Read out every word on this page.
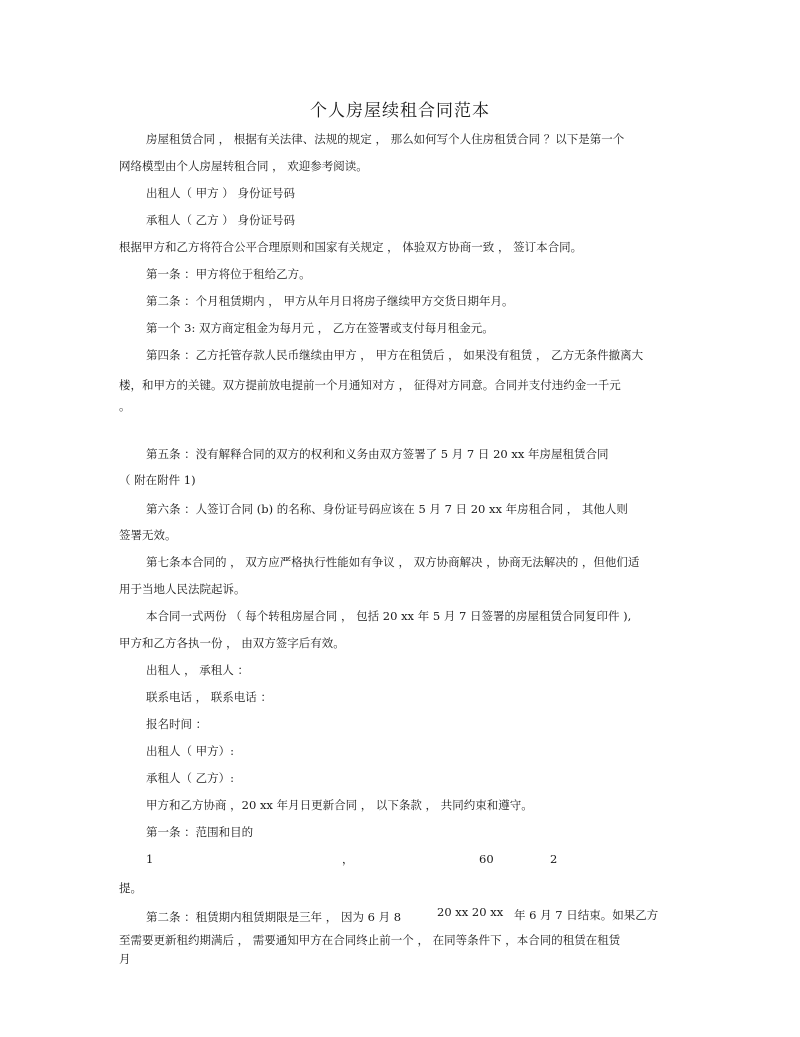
个人房屋续租合同范本
房屋租赁合同 ， 根据有关法律、法规的规定 ， 那么如何写个人住房租赁合同 ？以下是第一个
网络模型由个人房屋转租合同 ， 欢迎参考阅读。
出租人（ 甲方 ） 身份证号码
承租人（ 乙方 ） 身份证号码
根据甲方和乙方将符合公平合理原则和国家有关规定 ， 体验双方协商一致 ， 签订本合同。
第一条 ：甲方将位于租给乙方。
第二条 ：个月租赁期内 ， 甲方从年月日将房子继续甲方交货日期年月。
第一个 3: 双方商定租金为每月元 ， 乙方在签署或支付每月租金元。
第四条 ：乙方托管存款人民币继续由甲方 ， 甲方在租赁后 ， 如果没有租赁 ， 乙方无条件撤离大
楼，和甲方的关键。双方提前放电提前一个月通知对方 ， 征得对方同意。合同并支付违约金一千元
。
第五条 ：没有解释合同的双方的权利和义务由双方签署了 5 月 7 日 20 xx 年房屋租赁合同
（ 附在附件 1)
第六条 ：人签订合同 (b) 的名称、身份证号码应该在 5 月 7 日 20 xx 年房租合同 ， 其他人则
签署无效。
第七条本合同的 ， 双方应严格执行性能如有争议 ， 双方协商解决 ，协商无法解决的 ，但他们适
用于当地人民法院起诉。
本合同一式两份 （ 每个转租房屋合同 ， 包括 20 xx 年 5 月 7 日签署的房屋租赁合同复印件 ),
甲方和乙方各执一份 ， 由双方签字后有效。
出租人 ， 承租人 ：
联系电话 ， 联系电话 ：
报名时间 ：
出租人（ 甲方）:
承租人（ 乙方）:
甲方和乙方协商 ，20 xx 年月日更新合同 ， 以下条款 ， 共同约束和遵守。
第一条 ：范围和目的
1	，	60	2
提。
第二条 ：租赁期内租赁期限是三年 ， 因为 6 月 8	20 xx 20 xx 年 6 月 7 日结束。如果乙方
至需要更新租约期满后 ， 需要通知甲方在合同终止前一个 ， 在同等条件下 ，本合同的租赁在租赁
月
